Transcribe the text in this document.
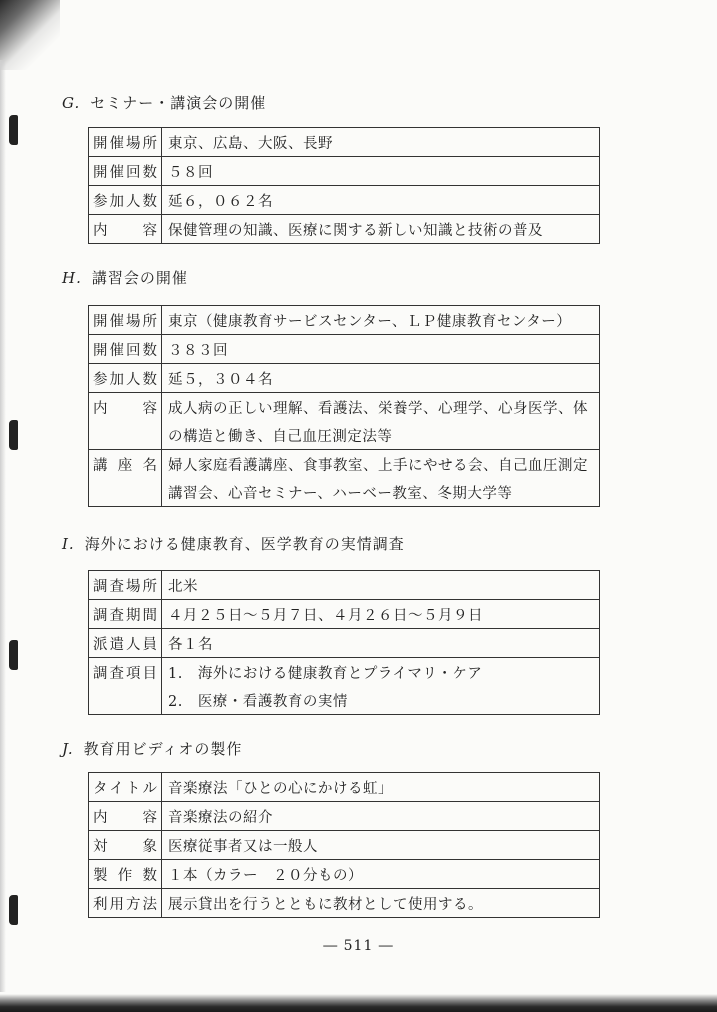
G. セミナー・講演会の開催
開催場所	東京、広島、大阪、長野
開催回数	５８回
参加人数	延６，０６２名
内　　容	保健管理の知識、医療に関する新しい知識と技術の普及
H. 講習会の開催
開催場所	東京（健康教育サービスセンター、ＬＰ健康教育センター）
開催回数	３８３回
参加人数	延５，３０４名
内　　容	成人病の正しい理解、看護法、栄養学、心理学、心身医学、体
	の構造と働き、自己血圧測定法等
講 座 名	婦人家庭看護講座、食事教室、上手にやせる会、自己血圧測定
	講習会、心音セミナー、ハーベー教室、冬期大学等
I. 海外における健康教育、医学教育の実情調査
調査場所	北米
調査期間	４月２５日～５月７日、４月２６日～５月９日
派遣人員	各１名
調査項目	1.　海外における健康教育とプライマリ・ケア
	2.　医療・看護教育の実情
J. 教育用ビディオの製作
タイトル	音楽療法「ひとの心にかける虹」
内　　容	音楽療法の紹介
対　　象	医療従事者又は一般人
製 作 数	１本（カラー　２０分もの）
利用方法	展示貸出を行うとともに教材として使用する。
― 511 ―
